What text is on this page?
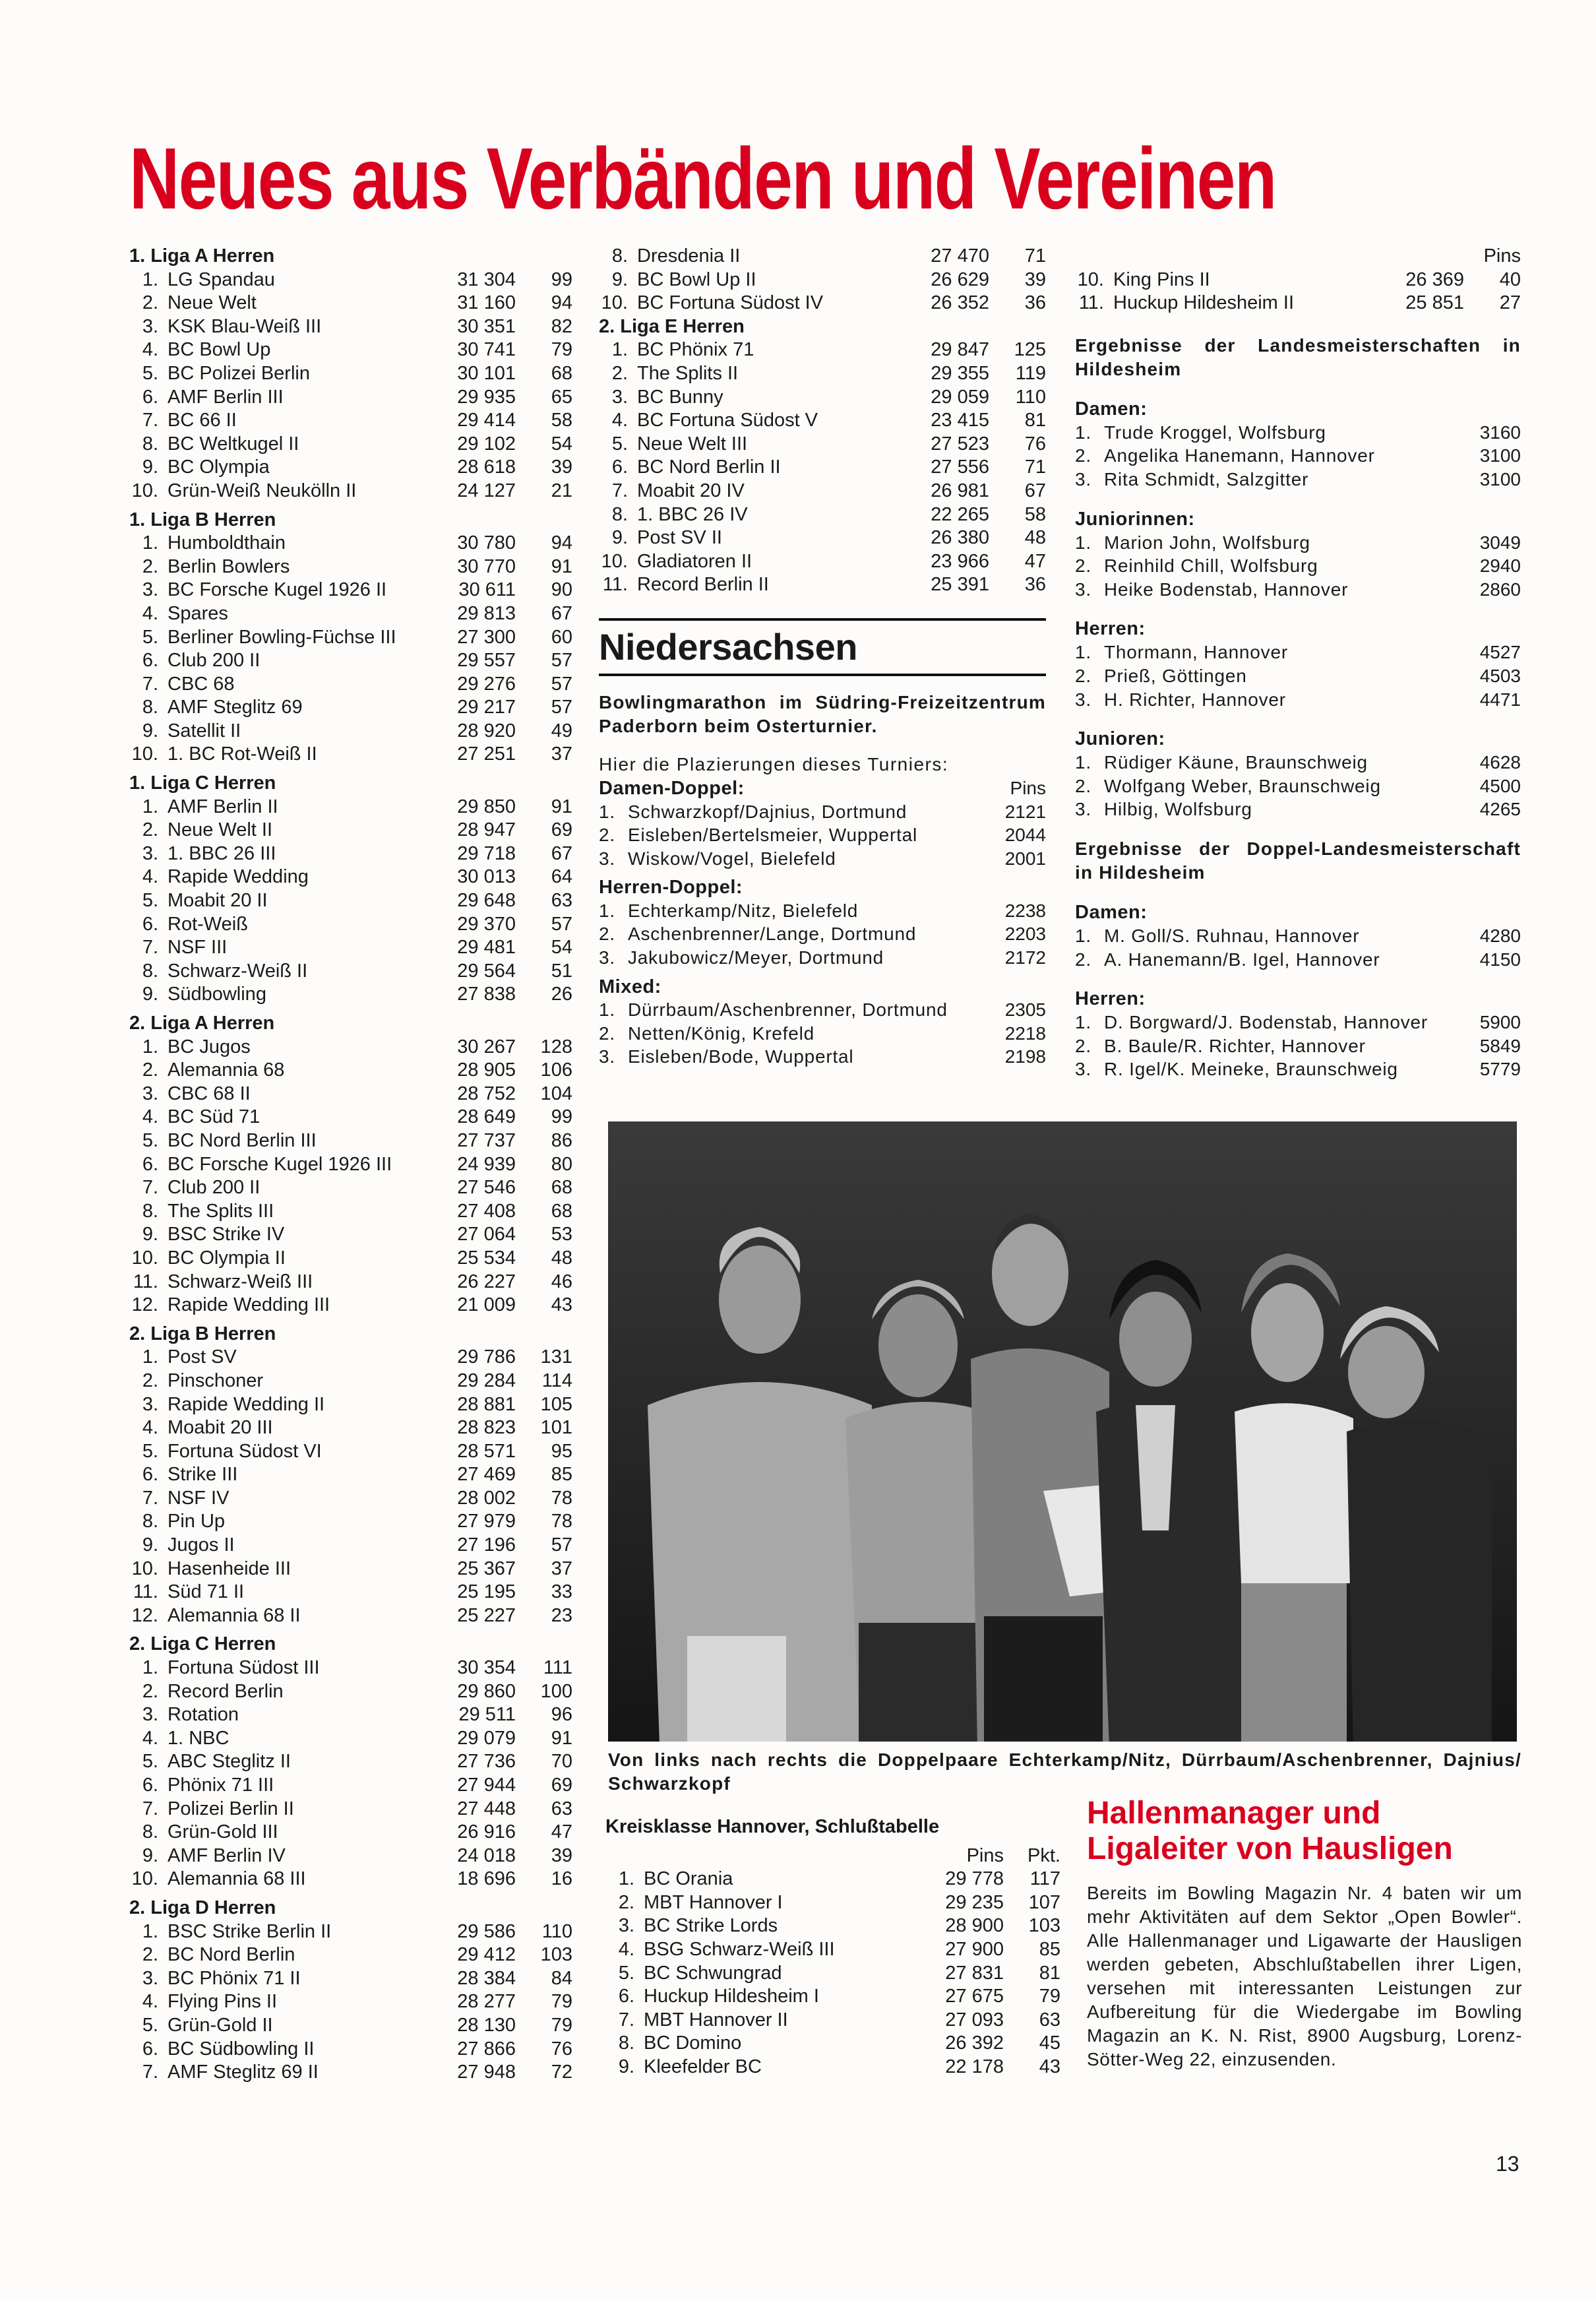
Neues aus Verbänden und Vereinen
1. Liga A Herren
1. LG Spandau	31 304	99
2. Neue Welt	31 160	94
3. KSK Blau-Weiß III	30 351	82
4. BC Bowl Up	30 741	79
5. BC Polizei Berlin	30 101	68
6. AMF Berlin III	29 935	65
7. BC 66 II	29 414	58
8. BC Weltkugel II	29 102	54
9. BC Olympia	28 618	39
10. Grün-Weiß Neukölln II	24 127	21
1. Liga B Herren
1. Humboldthain	30 780	94
2. Berlin Bowlers	30 770	91
3. BC Forsche Kugel 1926 II	30 611	90
4. Spares	29 813	67
5. Berliner Bowling-Füchse III	27 300	60
6. Club 200 II	29 557	57
7. CBC 68	29 276	57
8. AMF Steglitz 69	29 217	57
9. Satellit II	28 920	49
10. 1. BC Rot-Weiß II	27 251	37
1. Liga C Herren
1. AMF Berlin II	29 850	91
2. Neue Welt II	28 947	69
3. 1. BBC 26 III	29 718	67
4. Rapide Wedding	30 013	64
5. Moabit 20 II	29 648	63
6. Rot-Weiß	29 370	57
7. NSF III	29 481	54
8. Schwarz-Weiß II	29 564	51
9. Südbowling	27 838	26
2. Liga A Herren
1. BC Jugos	30 267	128
2. Alemannia 68	28 905	106
3. CBC 68 II	28 752	104
4. BC Süd 71	28 649	99
5. BC Nord Berlin III	27 737	86
6. BC Forsche Kugel 1926 III	24 939	80
7. Club 200 II	27 546	68
8. The Splits III	27 408	68
9. BSC Strike IV	27 064	53
10. BC Olympia II	25 534	48
11. Schwarz-Weiß III	26 227	46
12. Rapide Wedding III	21 009	43
2. Liga B Herren
1. Post SV	29 786	131
2. Pinschoner	29 284	114
3. Rapide Wedding II	28 881	105
4. Moabit 20 III	28 823	101
5. Fortuna Südost VI	28 571	95
6. Strike III	27 469	85
7. NSF IV	28 002	78
8. Pin Up	27 979	78
9. Jugos II	27 196	57
10. Hasenheide III	25 367	37
11. Süd 71 II	25 195	33
12. Alemannia 68 II	25 227	23
2. Liga C Herren
1. Fortuna Südost III	30 354	111
2. Record Berlin	29 860	100
3. Rotation	29 511	96
4. 1. NBC	29 079	91
5. ABC Steglitz II	27 736	70
6. Phönix 71 III	27 944	69
7. Polizei Berlin II	27 448	63
8. Grün-Gold III	26 916	47
9. AMF Berlin IV	24 018	39
10. Alemannia 68 III	18 696	16
2. Liga D Herren
1. BSC Strike Berlin II	29 586	110
2. BC Nord Berlin	29 412	103
3. BC Phönix 71 II	28 384	84
4. Flying Pins II	28 277	79
5. Grün-Gold II	28 130	79
6. BC Südbowling II	27 866	76
7. AMF Steglitz 69 II	27 948	72
8. Dresdenia II	27 470	71
9. BC Bowl Up II	26 629	39
10. BC Fortuna Südost IV	26 352	36
2. Liga E Herren
1. BC Phönix 71	29 847	125
2. The Splits II	29 355	119
3. BC Bunny	29 059	110
4. BC Fortuna Südost V	23 415	81
5. Neue Welt III	27 523	76
6. BC Nord Berlin II	27 556	71
7. Moabit 20 IV	26 981	67
8. 1. BBC 26 IV	22 265	58
9. Post SV II	26 380	48
10. Gladiatoren II	23 966	47
11. Record Berlin II	25 391	36
Niedersachsen
Bowlingmarathon im Südring-Freizeitzentrum Paderborn beim Osterturnier.
Hier die Plazierungen dieses Turniers:
Damen-Doppel:	Pins
1. Schwarzkopf/Dajnius, Dortmund	2121
2. Eisleben/Bertelsmeier, Wuppertal	2044
3. Wiskow/Vogel, Bielefeld	2001
Herren-Doppel:
1. Echterkamp/Nitz, Bielefeld	2238
2. Aschenbrenner/Lange, Dortmund	2203
3. Jakubowicz/Meyer, Dortmund	2172
Mixed:
1. Dürrbaum/Aschenbrenner, Dortmund	2305
2. Netten/König, Krefeld	2218
3. Eisleben/Bode, Wuppertal	2198
Pins
10. King Pins II	26 369	40
11. Huckup Hildesheim II	25 851	27
Ergebnisse der Landesmeisterschaften in Hildesheim
Damen:
1. Trude Kroggel, Wolfsburg	3160
2. Angelika Hanemann, Hannover	3100
3. Rita Schmidt, Salzgitter	3100
Juniorinnen:
1. Marion John, Wolfsburg	3049
2. Reinhild Chill, Wolfsburg	2940
3. Heike Bodenstab, Hannover	2860
Herren:
1. Thormann, Hannover	4527
2. Prieß, Göttingen	4503
3. H. Richter, Hannover	4471
Junioren:
1. Rüdiger Käune, Braunschweig	4628
2. Wolfgang Weber, Braunschweig	4500
3. Hilbig, Wolfsburg	4265
Ergebnisse der Doppel-Landesmeisterschaft in Hildesheim
Damen:
1. M. Goll/S. Ruhnau, Hannover	4280
2. A. Hanemann/B. Igel, Hannover	4150
Herren:
1. D. Borgward/J. Bodenstab, Hannover	5900
2. B. Baule/R. Richter, Hannover	5849
3. R. Igel/K. Meineke, Braunschweig	5779
Von links nach rechts die Doppelpaare Echterkamp/Nitz, Dürrbaum/Aschenbrenner, Dajnius/ Schwarzkopf
Kreisklasse Hannover, Schlußtabelle
Pins	Pkt.
1. BC Orania	29 778	117
2. MBT Hannover I	29 235	107
3. BC Strike Lords	28 900	103
4. BSG Schwarz-Weiß III	27 900	85
5. BC Schwungrad	27 831	81
6. Huckup Hildesheim I	27 675	79
7. MBT Hannover II	27 093	63
8. BC Domino	26 392	45
9. Kleefelder BC	22 178	43
Hallenmanager und
Ligaleiter von Hausligen
Bereits im Bowling Magazin Nr. 4 baten wir um mehr Aktivitäten auf dem Sektor „Open Bowler“. Alle Hallenmanager und Ligawarte der Hausligen werden gebeten, Abschlußtabellen ihrer Ligen, versehen mit interessanten Leistungen zur Aufbereitung für die Wiedergabe im Bowling Magazin an K. N. Rist, 8900 Augsburg, Lorenz-Sötter-Weg 22, einzusenden.
13
